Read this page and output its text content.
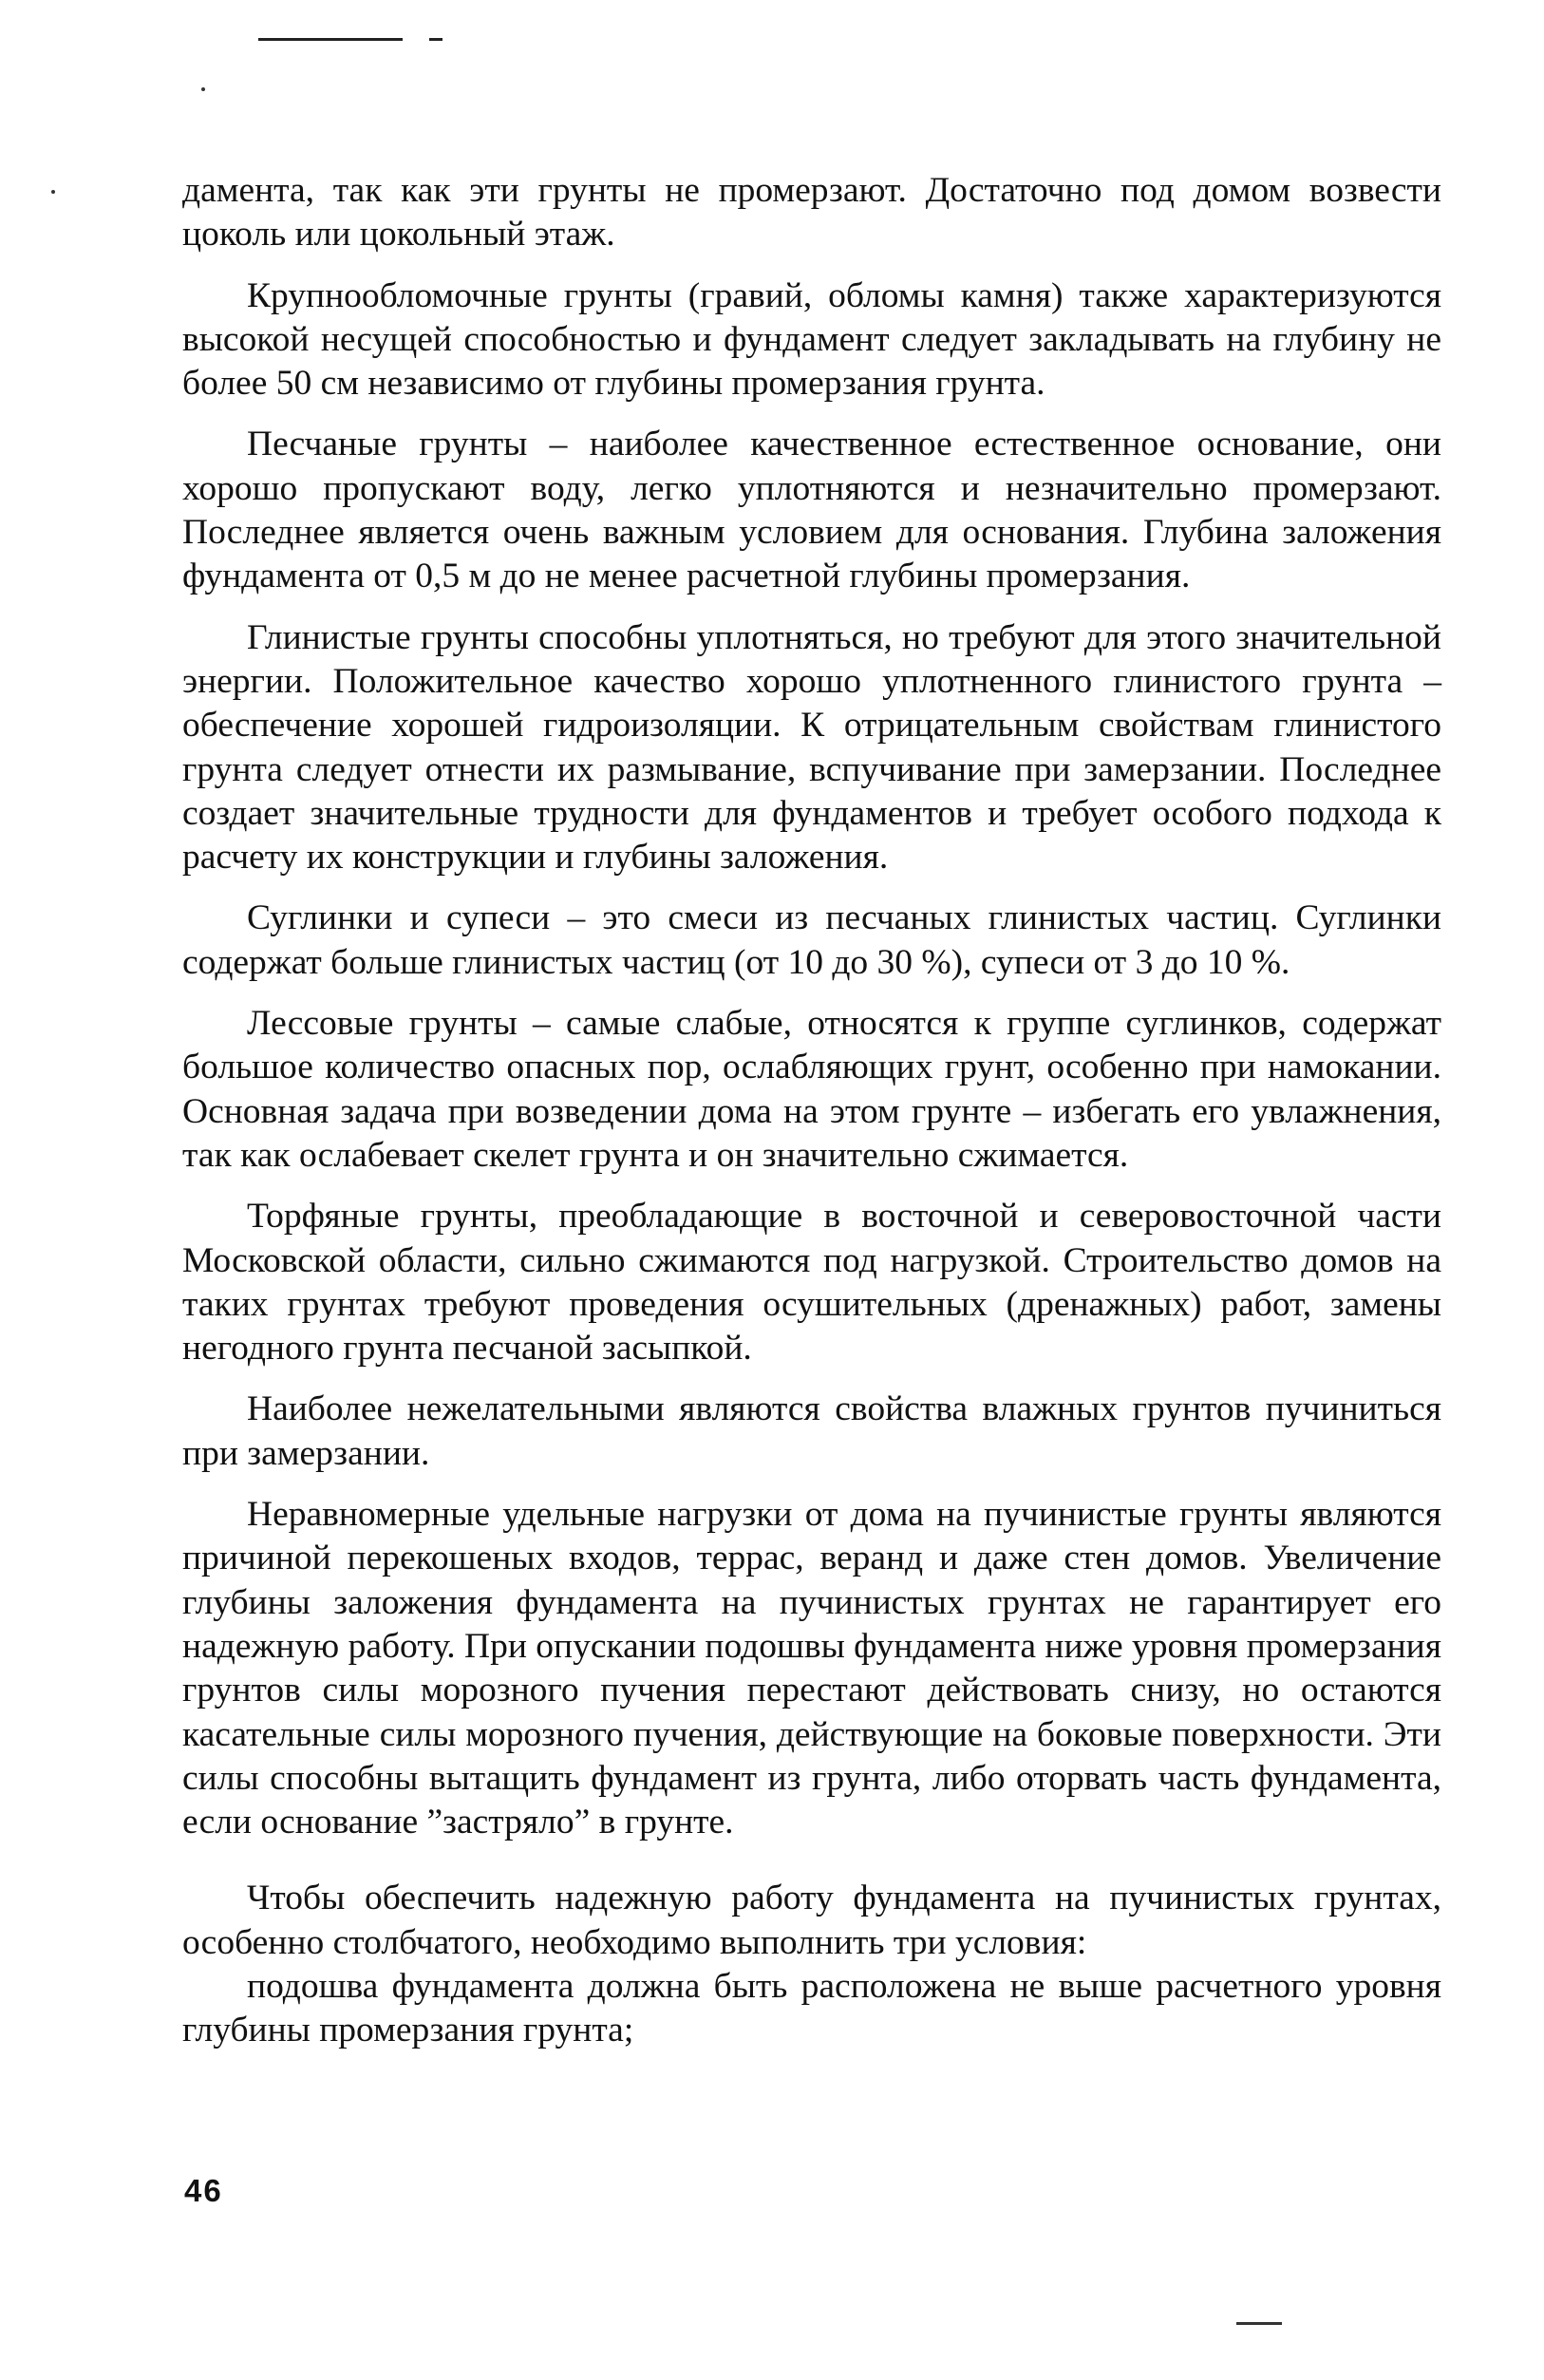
дамента, так как эти грунты не промерзают. Достаточно под домом возвести цоколь или цокольный этаж.

Крупнообломочные грунты (гравий, обломы камня) также характеризуются высокой несущей способностью и фундамент следует закладывать на глубину не более 50 см независимо от глубины промерзания грунта.

Песчаные грунты – наиболее качественное естественное основание, они хорошо пропускают воду, легко уплотняются и незначительно промерзают. Последнее является очень важным условием для основания. Глубина заложения фундамента от 0,5 м до не менее расчетной глубины промерзания.

Глинистые грунты способны уплотняться, но требуют для этого значительной энергии. Положительное качество хорошо уплотненного глинистого грунта – обеспечение хорошей гидроизоляции. К отрицательным свойствам глинистого грунта следует отнести их размывание, вспучивание при замерзании. Последнее создает значительные трудности для фундаментов и требует особого подхода к расчету их конструкции и глубины заложения.

Суглинки и супеси – это смеси из песчаных глинистых частиц. Суглинки содержат больше глинистых частиц (от 10 до 30 %), супеси от 3 до 10 %.

Лессовые грунты – самые слабые, относятся к группе суглинков, содержат большое количество опасных пор, ослабляющих грунт, особенно при намокании. Основная задача при возведении дома на этом грунте – избегать его увлажнения, так как ослабевает скелет грунта и он значительно сжимается.

Торфяные грунты, преобладающие в восточной и северовосточной части Московской области, сильно сжимаются под нагрузкой. Строительство домов на таких грунтах требуют проведения осушительных (дренажных) работ, замены негодного грунта песчаной засыпкой.

Наиболее нежелательными являются свойства влажных грунтов пучиниться при замерзании.

Неравномерные удельные нагрузки от дома на пучинистые грунты являются причиной перекошеных входов, террас, веранд и даже стен домов. Увеличение глубины заложения фундамента на пучинистых грунтах не гарантирует его надежную работу. При опускании подошвы фундамента ниже уровня промерзания грунтов силы морозного пучения перестают действовать снизу, но остаются касательные силы морозного пучения, действующие на боковые поверхности. Эти силы способны вытащить фундамент из грунта, либо оторвать часть фундамента, если основание ”застряло” в грунте.

Чтобы обеспечить надежную работу фундамента на пучинистых грунтах, особенно столбчатого, необходимо выполнить три условия:

подошва фундамента должна быть расположена не выше расчетного уровня глубины промерзания грунта;

46
